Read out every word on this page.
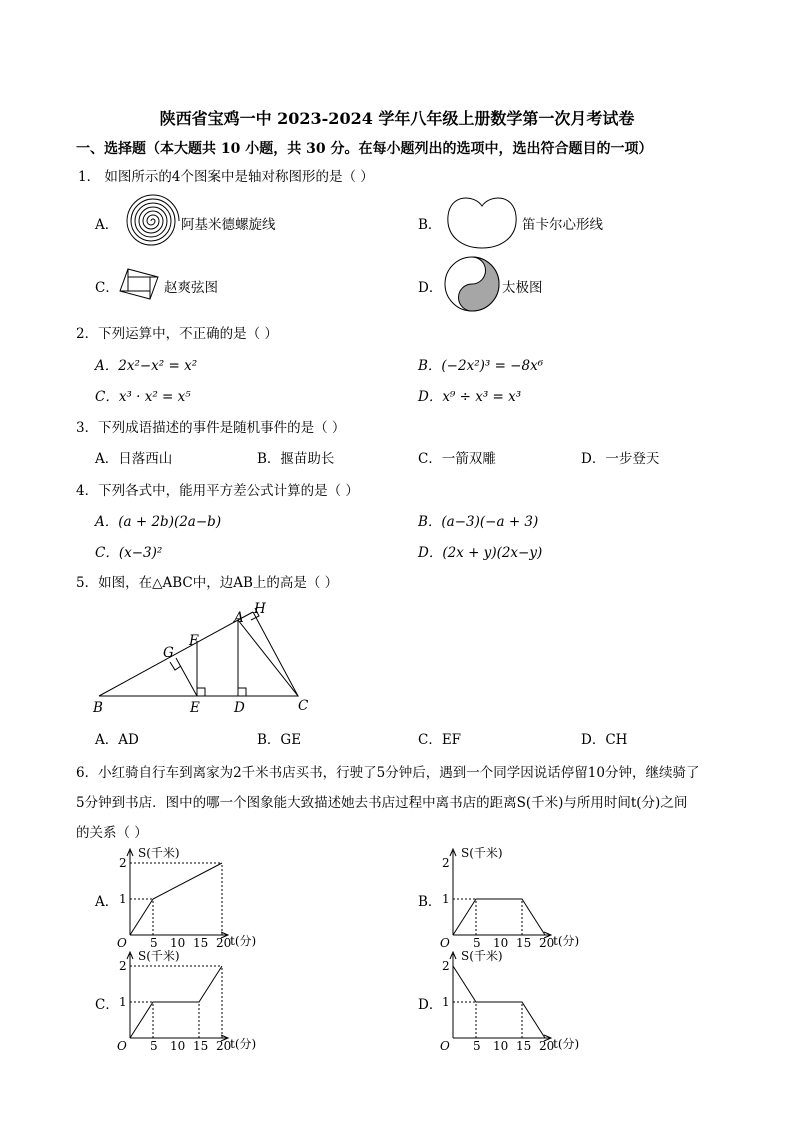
陕西省宝鸡一中 2023-2024 学年八年级上册数学第一次月考试卷
一、选择题（本大题共 10 小题，共 30 分。在每小题列出的选项中，选出符合题目的一项）
1． 如图所示的4个图案中是轴对称图形的是（ ）
A．	阿基米德螺旋线	B．	笛卡尔心形线
C．	赵爽弦图	D．	太极图
2．下列运算中，不正确的是（ ）
A．2x²−x² = x²	B．(−2x²)³ = −8x⁶
C．x³ · x² = x⁵	D．x⁹ ÷ x³ = x³
3．下列成语描述的事件是随机事件的是（ ）
A．日落西山	B．揠苗助长	C．一箭双雕	D．一步登天
4．下列各式中，能用平方差公式计算的是（ ）
A．(a + 2b)(2a−b)	B．(a−3)(−a + 3)
C．(x−3)²	D．(2x + y)(2x−y)
5．如图，在△ABC中，边AB上的高是（ ）
A
H
F
G
B	E	D	C
A．AD	B．GE	C．EF	D．CH
6．小红骑自行车到离家为2千米书店买书，行驶了5分钟后，遇到一个同学因说话停留10分钟，继续骑了
5分钟到书店．图中的哪一个图象能大致描述她去书店过程中离书店的距离S(千米)与所用时间t(分)之间
的关系（ ）
A．	B．
C．	D．
S(千米)
t(分)
O
1
2
5 10 15 20
S(千米)
t(分)
O
1
2
5 10 15 20
S(千米)
t(分)
O
1
2
5 10 15 20
S(千米)
t(分)
O
1
2
5 10 15 20
